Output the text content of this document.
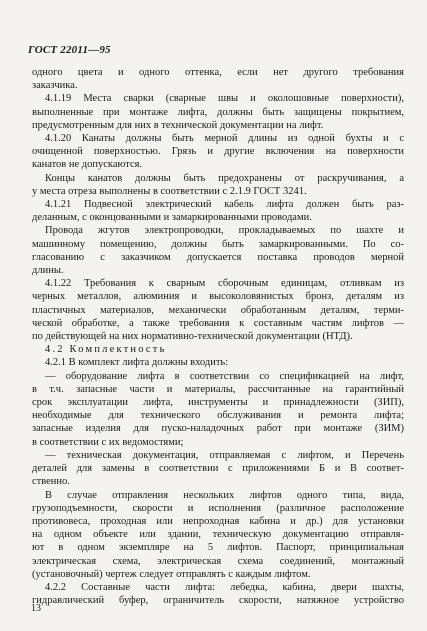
ГОСТ 22011—95
одного цвета и одного оттенка, если нет другого требования
заказчика.
4.1.19 Места сварки (сварные швы и околошовные поверхности),
выполненные при монтаже лифта, должны быть защищены покрытием,
предусмотренным для них в технической документации на лифт.
4.1.20 Канаты должны быть мерной длины из одной бухты и с
очищенной поверхностью. Грязь и другие включения на поверхности
канатов не допускаются.
Концы канатов должны быть предохранены от раскручивания, а
у места отреза выполнены в соответствии с 2.1.9 ГОСТ 3241.
4.1.21 Подвесной электрический кабель лифта должен быть раз-
деланным, с оконцованными и замаркированными проводами.
Провода жгутов электропроводки, прокладываемых по шахте и
машинному помещению, должны быть замаркированными. По со-
гласованию с заказчиком допускается поставка проводов мерной
длины.
4.1.22 Требования к сварным сборочным единицам, отливкам из
черных металлов, алюминия и высоколовянистых бронз, деталям из
пластичных материалов, механически обработанным деталям, терми-
ческой обработке, а также требования к составным частям лифтов —
по действующей на них нормативно-технической документации (НТД).
4.2 Комплектность
4.2.1 В комплект лифта должны входить:
— оборудование лифта в соответствии со спецификацией на лифт,
в т.ч. запасные части и материалы, рассчитанные на гарантийный
срок эксплуатации лифта, инструменты и принадлежности (ЗИП),
необходимые для технического обслуживания и ремонта лифта;
запасные изделия для пуско-наладочных работ при монтаже (ЗИМ)
в соответствии с их ведомостями;
— техническая документация, отправляемая с лифтом, и Перечень
деталей для замены в соответствии с приложениями Б и В соответ-
ственно.
В случае отправления нескольких лифтов одного типа, вида,
грузоподъемности, скорости и исполнения (различное расположение
противовеса, проходная или непроходная кабина и др.) для установки
на одном объекте или здании, техническую документацию отправля-
ют в одном экземпляре на 5 лифтов. Паспорт, принципиальная
электрическая схема, электрическая схема соединений, монтажный
(установочный) чертеж следует отправлять с каждым лифтом.
4.2.2 Составные части лифта: лебедка, кабина, двери шахты,
гидравлический буфер, ограничитель скорости, натяжное устройство
13
